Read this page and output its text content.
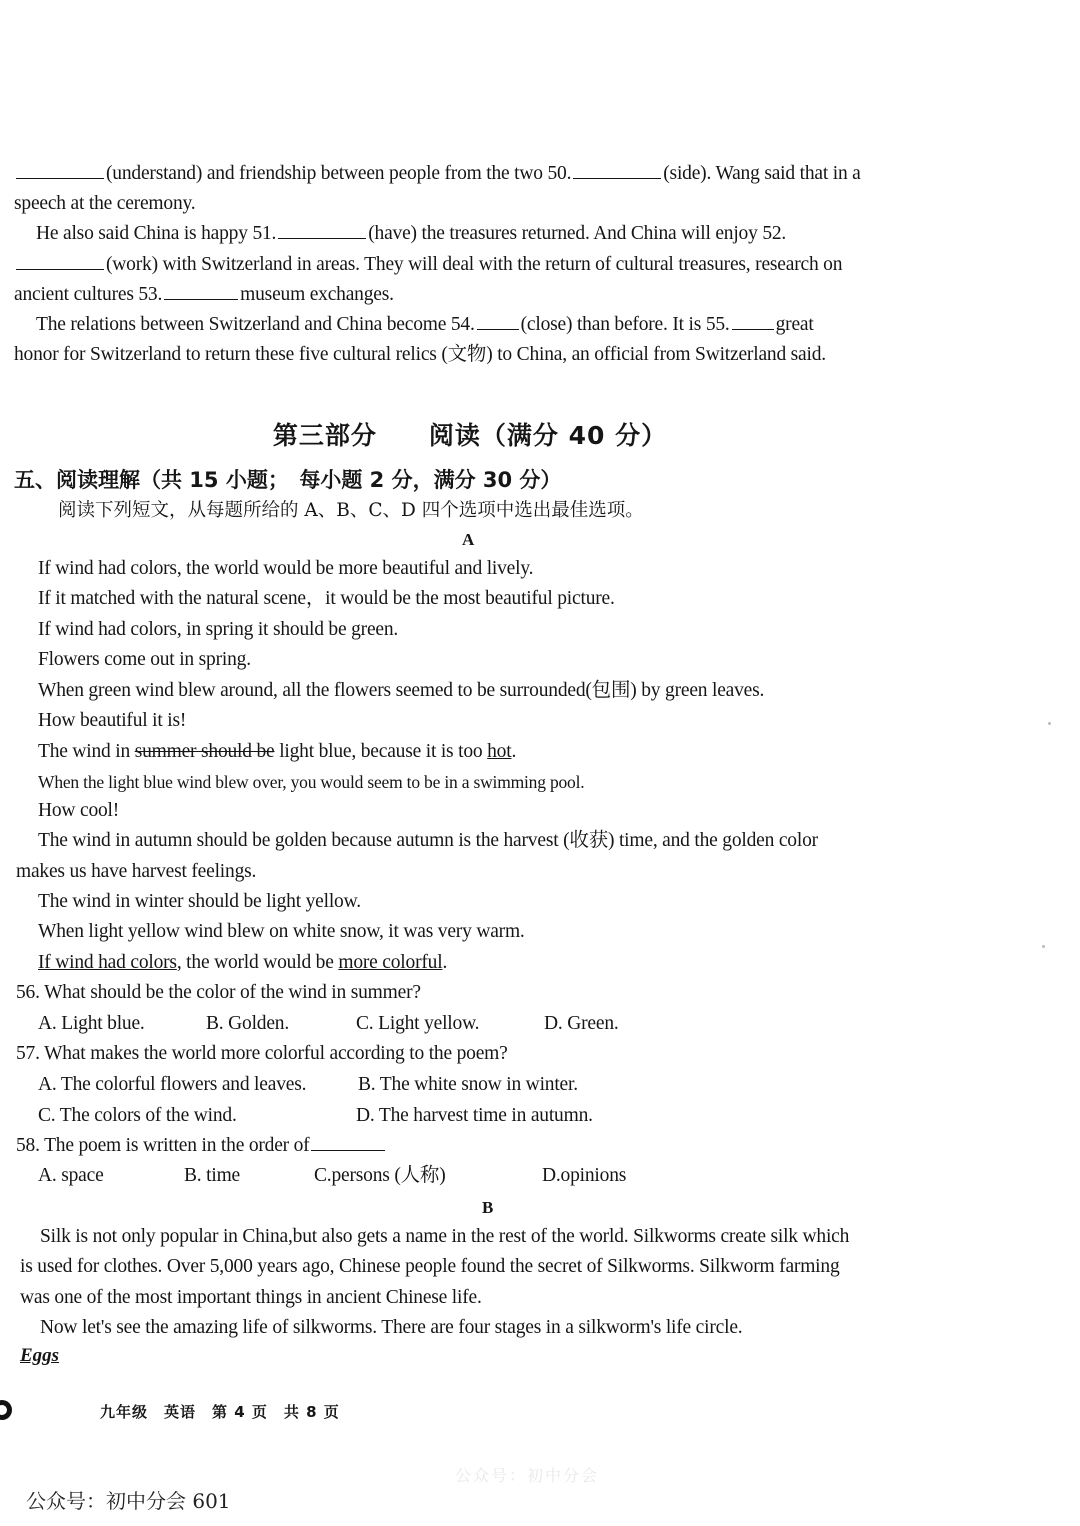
(understand) and friendship between people from the two 50.	(side). Wang said that in a
speech at the ceremony.
He also said China is happy 51.	(have) the treasures returned. And China will enjoy 52.
(work) with Switzerland in areas. They will deal with the return of cultural treasures, research on
ancient cultures 53.	museum exchanges.
The relations between Switzerland and China become 54. (close) than before. It is 55. great
honor for Switzerland to return these five cultural relics (文物) to China, an official from Switzerland said.
第三部分　　阅读（满分 40 分）
五、阅读理解（共 15 小题；　每小题 2 分，满分 30 分）
阅读下列短文，从每题所给的 A、B、C、D 四个选项中选出最佳选项。
A
If wind had colors, the world would be more beautiful and lively.
If it matched with the natural scene，it would be the most beautiful picture.
If wind had colors, in spring it should be green.
Flowers come out in spring.
When green wind blew around, all the flowers seemed to be surrounded(包围) by green leaves.
How beautiful it is!
The wind in summer should be light blue, because it is too hot.
When the light blue wind blew over, you would seem to be in a swimming pool.
How cool!
The wind in autumn should be golden because autumn is the harvest (收获) time, and the golden color
makes us have harvest feelings.
The wind in winter should be light yellow.
When light yellow wind blew on white snow, it was very warm.
If wind had colors, the world would be more colorful.
56. What should be the color of the wind in summer?
A. Light blue.	B. Golden.	C. Light yellow.	D. Green.
57. What makes the world more colorful according to the poem?
A. The colorful flowers and leaves.	B. The white snow in winter.
C. The colors of the wind.	D. The harvest time in autumn.
58. The poem is written in the order of
A. space	B. time	C.persons (人称)	D.opinions
B
Silk is not only popular in China,but also gets a name in the rest of the world. Silkworms create silk which
is used for clothes. Over 5,000 years ago, Chinese people found the secret of Silkworms. Silkworm farming
was one of the most important things in ancient Chinese life.
Now let's see the amazing life of silkworms. There are four stages in a silkworm's life circle.
Eggs
九年级　英语　第 4 页　共 8 页
公众号：初中分会
公众号：初中分会 601
